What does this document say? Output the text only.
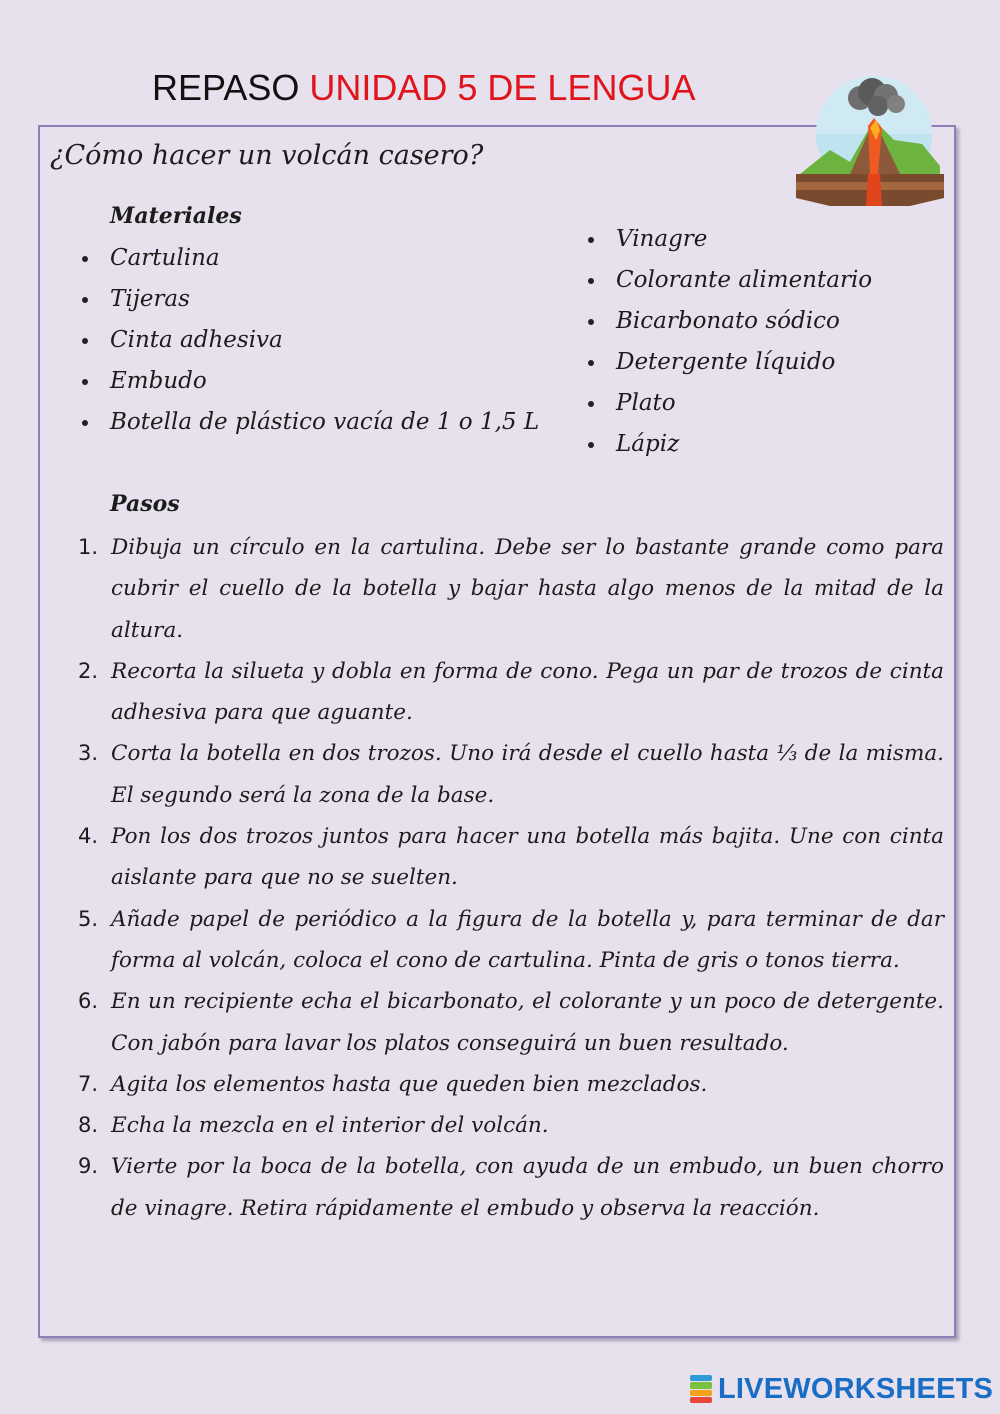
REPASO UNIDAD 5 DE LENGUA
¿Cómo hacer un volcán casero?
Materiales
Cartulina
Tijeras
Cinta adhesiva
Embudo
Botella de plástico vacía de 1 o 1,5 L
Vinagre
Colorante alimentario
Bicarbonato sódico
Detergente líquido
Plato
Lápiz
Pasos
1. Dibuja un círculo en la cartulina. Debe ser lo bastante grande como para cubrir el cuello de la botella y bajar hasta algo menos de la mitad de la altura.
2. Recorta la silueta y dobla en forma de cono. Pega un par de trozos de cinta adhesiva para que aguante.
3. Corta la botella en dos trozos. Uno irá desde el cuello hasta ⅓ de la misma. El segundo será la zona de la base.
4. Pon los dos trozos juntos para hacer una botella más bajita. Une con cinta aislante para que no se suelten.
5. Añade papel de periódico a la figura de la botella y, para terminar de dar forma al volcán, coloca el cono de cartulina. Pinta de gris o tonos tierra.
6. En un recipiente echa el bicarbonato, el colorante y un poco de detergente. Con jabón para lavar los platos conseguirá un buen resultado.
7. Agita los elementos hasta que queden bien mezclados.
8. Echa la mezcla en el interior del volcán.
9. Vierte por la boca de la botella, con ayuda de un embudo, un buen chorro de vinagre. Retira rápidamente el embudo y observa la reacción.
LIVEWORKSHEETS
